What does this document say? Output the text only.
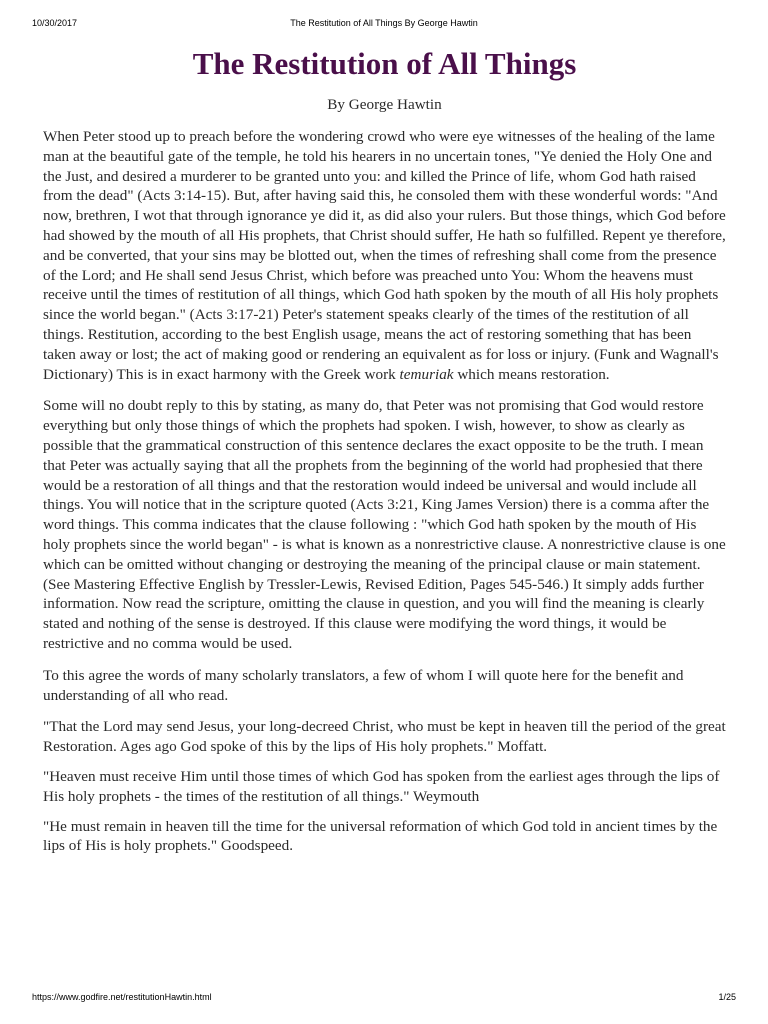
10/30/2017	The Restitution of All Things By George Hawtin
The Restitution of All Things
By George Hawtin

When Peter stood up to preach before the wondering crowd who were eye witnesses of the healing of the lame man at the beautiful gate of the temple, he told his hearers in no uncertain tones, "Ye denied the Holy One and the Just, and desired a murderer to be granted unto you: and killed the Prince of life, whom God hath raised from the dead" (Acts 3:14-15). But, after having said this, he consoled them with these wonderful words: "And now, brethren, I wot that through ignorance ye did it, as did also your rulers. But those things, which God before had showed by the mouth of all His prophets, that Christ should suffer, He hath so fulfilled. Repent ye therefore, and be converted, that your sins may be blotted out, when the times of refreshing shall come from the presence of the Lord; and He shall send Jesus Christ, which before was preached unto You: Whom the heavens must receive until the times of restitution of all things, which God hath spoken by the mouth of all His holy prophets since the world began." (Acts 3:17-21) Peter's statement speaks clearly of the times of the restitution of all things. Restitution, according to the best English usage, means the act of restoring something that has been taken away or lost; the act of making good or rendering an equivalent as for loss or injury. (Funk and Wagnall's Dictionary) This is in exact harmony with the Greek work temuriak which means restoration.

Some will no doubt reply to this by stating, as many do, that Peter was not promising that God would restore everything but only those things of which the prophets had spoken. I wish, however, to show as clearly as possible that the grammatical construction of this sentence declares the exact opposite to be the truth. I mean that Peter was actually saying that all the prophets from the beginning of the world had prophesied that there would be a restoration of all things and that the restoration would indeed be universal and would include all things. You will notice that in the scripture quoted (Acts 3:21, King James Version) there is a comma after the word things. This comma indicates that the clause following : "which God hath spoken by the mouth of His holy prophets since the world began" - is what is known as a nonrestrictive clause. A nonrestrictive clause is one which can be omitted without changing or destroying the meaning of the principal clause or main statement. (See Mastering Effective English by Tressler-Lewis, Revised Edition, Pages 545-546.) It simply adds further information. Now read the scripture, omitting the clause in question, and you will find the meaning is clearly stated and nothing of the sense is destroyed. If this clause were modifying the word things, it would be restrictive and no comma would be used.

To this agree the words of many scholarly translators, a few of whom I will quote here for the benefit and understanding of all who read.

"That the Lord may send Jesus, your long-decreed Christ, who must be kept in heaven till the period of the great Restoration. Ages ago God spoke of this by the lips of His holy prophets." Moffatt.

"Heaven must receive Him until those times of which God has spoken from the earliest ages through the lips of His holy prophets - the times of the restitution of all things." Weymouth

"He must remain in heaven till the time for the universal reformation of which God told in ancient times by the lips of His is holy prophets." Goodspeed.

https://www.godfire.net/restitutionHawtin.html	1/25
